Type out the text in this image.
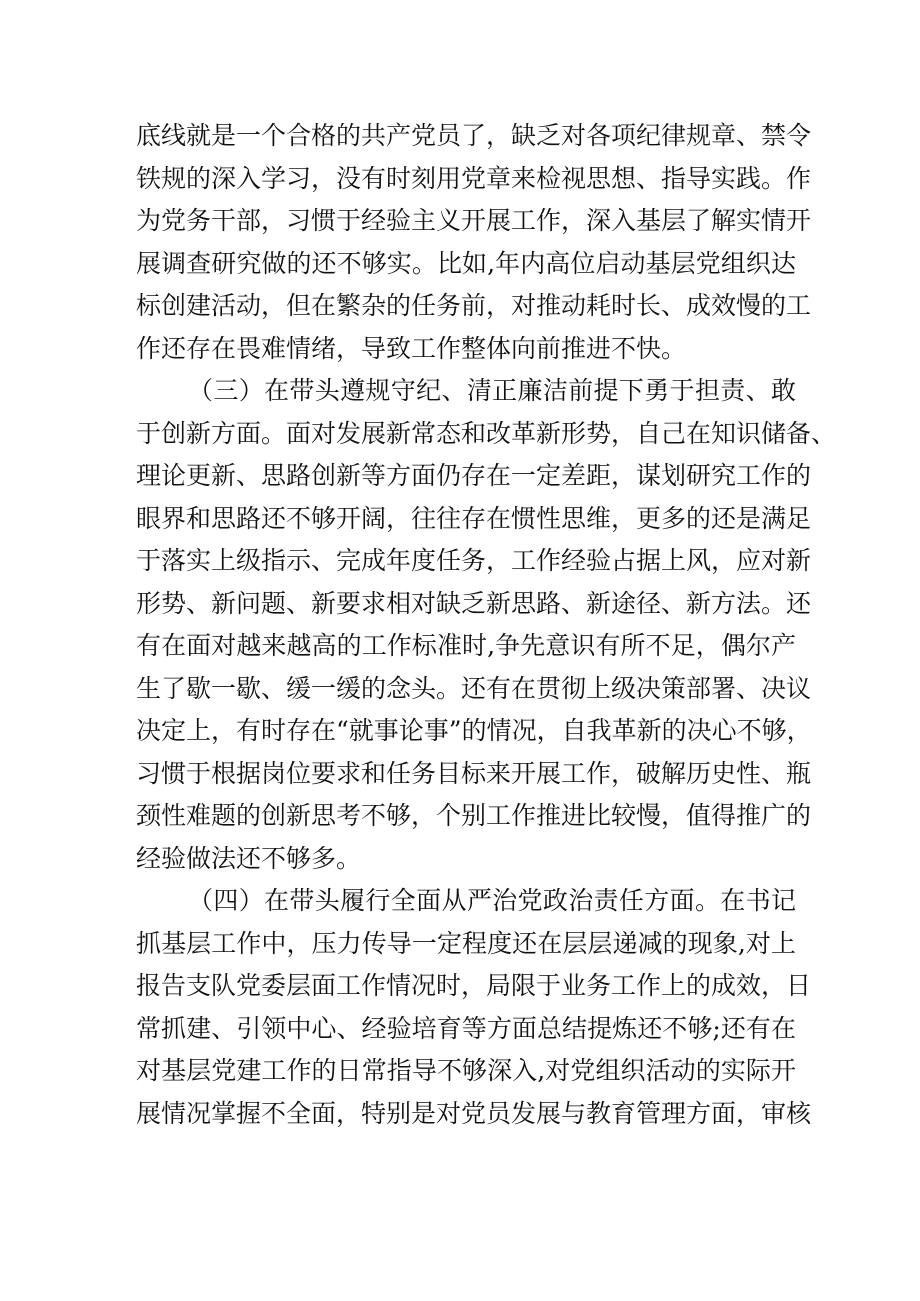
底线就是一个合格的共产党员了，缺乏对各项纪律规章、禁令
铁规的深入学习，没有时刻用党章来检视思想、指导实践。作
为党务干部，习惯于经验主义开展工作，深入基层了解实情开
展调查研究做的还不够实。比如,年内高位启动基层党组织达
标创建活动，但在繁杂的任务前，对推动耗时长、成效慢的工
作还存在畏难情绪，导致工作整体向前推进不快。
（三）在带头遵规守纪、清正廉洁前提下勇于担责、敢
于创新方面。面对发展新常态和改革新形势，自己在知识储备、
理论更新、思路创新等方面仍存在一定差距，谋划研究工作的
眼界和思路还不够开阔，往往存在惯性思维，更多的还是满足
于落实上级指示、完成年度任务，工作经验占据上风，应对新
形势、新问题、新要求相对缺乏新思路、新途径、新方法。还
有在面对越来越高的工作标准时,争先意识有所不足，偶尔产
生了歇一歇、缓一缓的念头。还有在贯彻上级决策部署、决议
决定上，有时存在“就事论事”的情况，自我革新的决心不够，
习惯于根据岗位要求和任务目标来开展工作，破解历史性、瓶
颈性难题的创新思考不够，个别工作推进比较慢，值得推广的
经验做法还不够多。
（四）在带头履行全面从严治党政治责任方面。在书记
抓基层工作中，压力传导一定程度还在层层递减的现象,对上
报告支队党委层面工作情况时，局限于业务工作上的成效，日
常抓建、引领中心、经验培育等方面总结提炼还不够;还有在
对基层党建工作的日常指导不够深入,对党组织活动的实际开
展情况掌握不全面，特别是对党员发展与教育管理方面，审核
